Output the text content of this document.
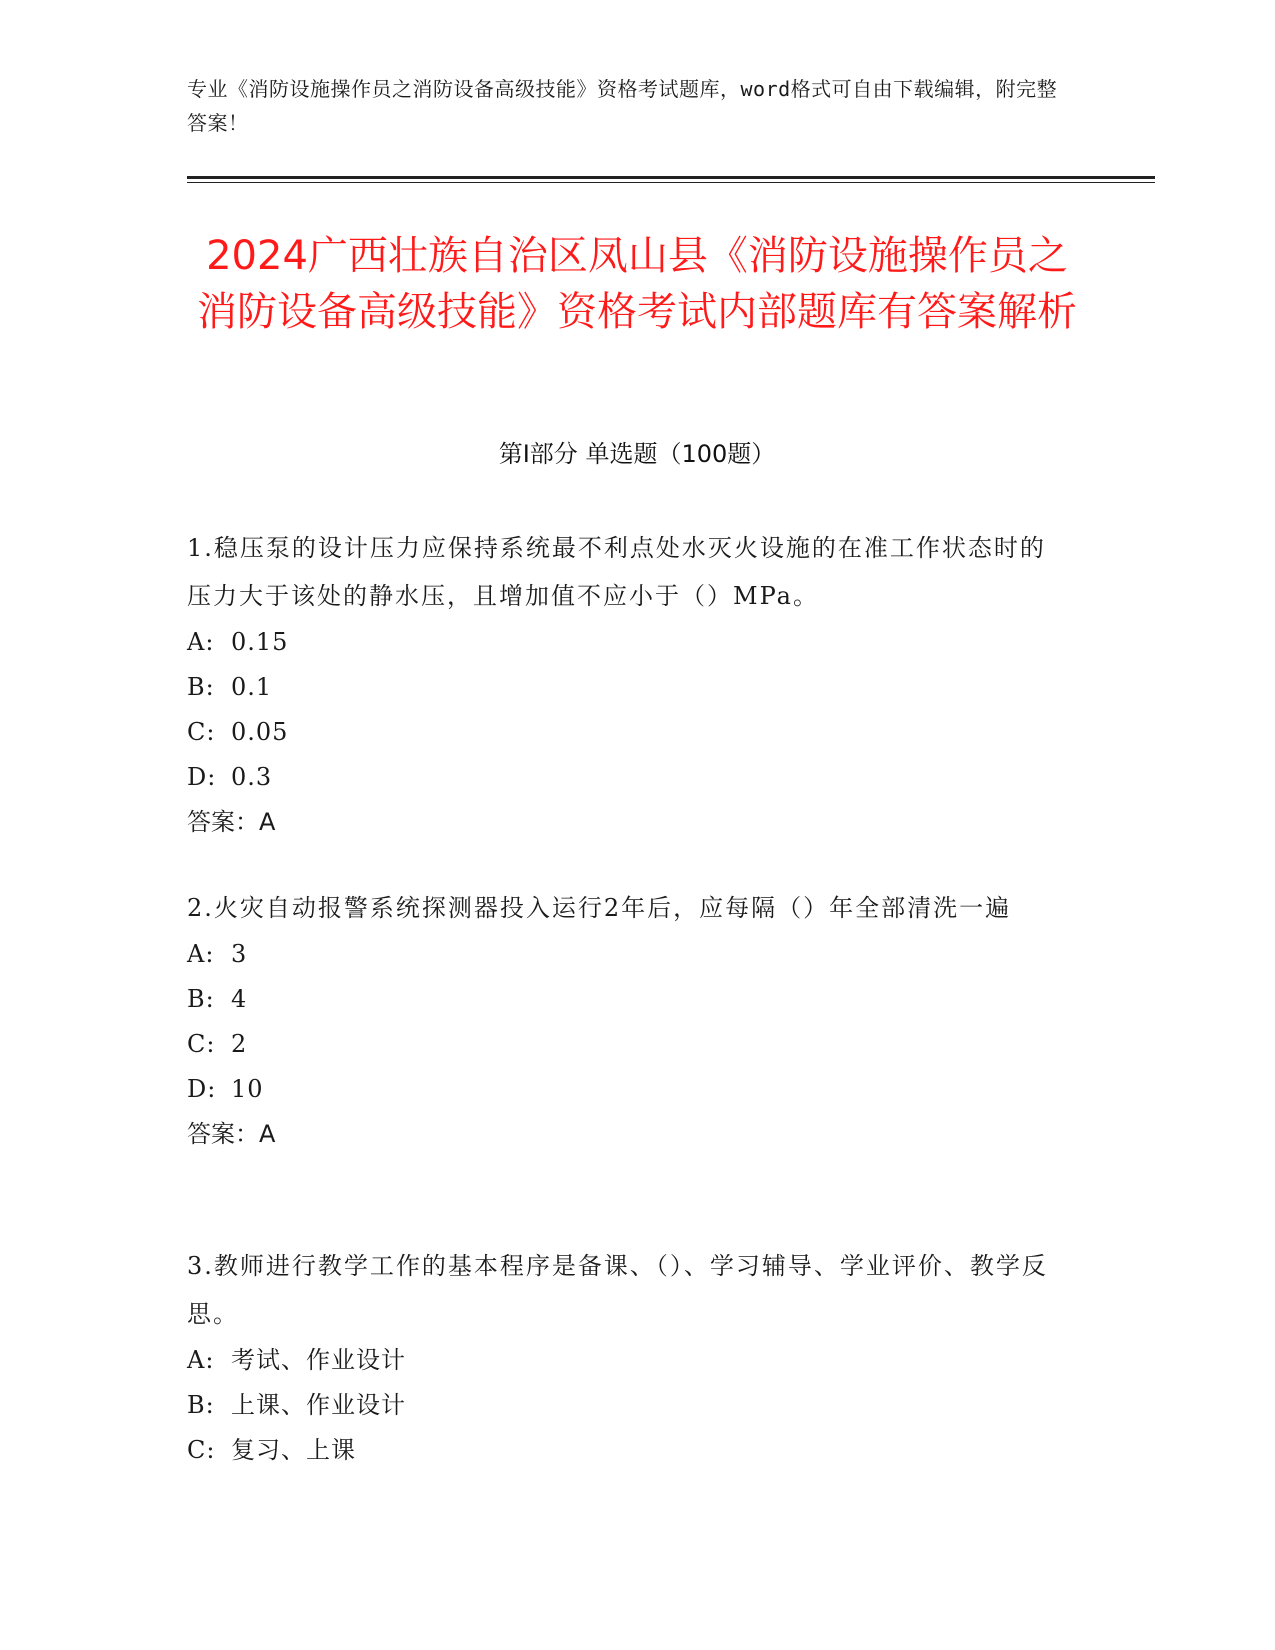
专业《消防设施操作员之消防设备高级技能》资格考试题库，word格式可自由下载编辑，附完整答案！
2024广西壮族自治区凤山县《消防设施操作员之消防设备高级技能》资格考试内部题库有答案解析
第Ⅰ部分 单选题（100题）
1.稳压泵的设计压力应保持系统最不利点处水灭火设施的在准工作状态时的压力大于该处的静水压，且增加值不应小于（）MPa。
A: 0.15
B: 0.1
C: 0.05
D: 0.3
答案：A
2.火灾自动报警系统探测器投入运行2年后，应每隔（）年全部清洗一遍
A: 3
B: 4
C: 2
D: 10
答案：A
3.教师进行教学工作的基本程序是备课、（）、学习辅导、学业评价、教学反思。
A: 考试、作业设计
B: 上课、作业设计
C: 复习、上课
